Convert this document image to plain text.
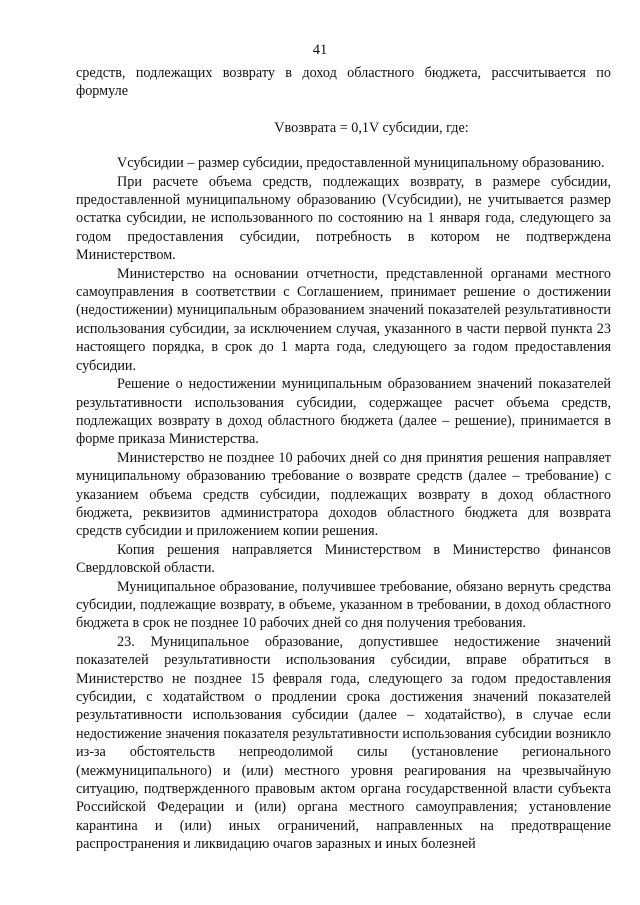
41

средств, подлежащих возврату в доход областного бюджета, рассчитывается по формуле

Vвозврата = 0,1V субсидии, где:

Vсубсидии – размер субсидии, предоставленной муниципальному образованию.

При расчете объема средств, подлежащих возврату, в размере субсидии, предоставленной муниципальному образованию (Vсубсидии), не учитывается размер остатка субсидии, не использованного по состоянию на 1 января года, следующего за годом предоставления субсидии, потребность в котором не подтверждена Министерством.

Министерство на основании отчетности, представленной органами местного самоуправления в соответствии с Соглашением, принимает решение о достижении (недостижении) муниципальным образованием значений показателей результативности использования субсидии, за исключением случая, указанного в части первой пункта 23 настоящего порядка, в срок до 1 марта года, следующего за годом предоставления субсидии.

Решение о недостижении муниципальным образованием значений показателей результативности использования субсидии, содержащее расчет объема средств, подлежащих возврату в доход областного бюджета (далее – решение), принимается в форме приказа Министерства.

Министерство не позднее 10 рабочих дней со дня принятия решения направляет муниципальному образованию требование о возврате средств (далее – требование) с указанием объема средств субсидии, подлежащих возврату в доход областного бюджета, реквизитов администратора доходов областного бюджета для возврата средств субсидии и приложением копии решения.

Копия решения направляется Министерством в Министерство финансов Свердловской области.

Муниципальное образование, получившее требование, обязано вернуть средства субсидии, подлежащие возврату, в объеме, указанном в требовании, в доход областного бюджета в срок не позднее 10 рабочих дней со дня получения требования.

23. Муниципальное образование, допустившее недостижение значений показателей результативности использования субсидии, вправе обратиться в Министерство не позднее 15 февраля года, следующего за годом предоставления субсидии, с ходатайством о продлении срока достижения значений показателей результативности использования субсидии (далее – ходатайство), в случае если недостижение значения показателя результативности использования субсидии возникло из-за обстоятельств непреодолимой силы (установление регионального (межмуниципального) и (или) местного уровня реагирования на чрезвычайную ситуацию, подтвержденного правовым актом органа государственной власти субъекта Российской Федерации и (или) органа местного самоуправления; установление карантина и (или) иных ограничений, направленных на предотвращение распространения и ликвидацию очагов заразных и иных болезней
